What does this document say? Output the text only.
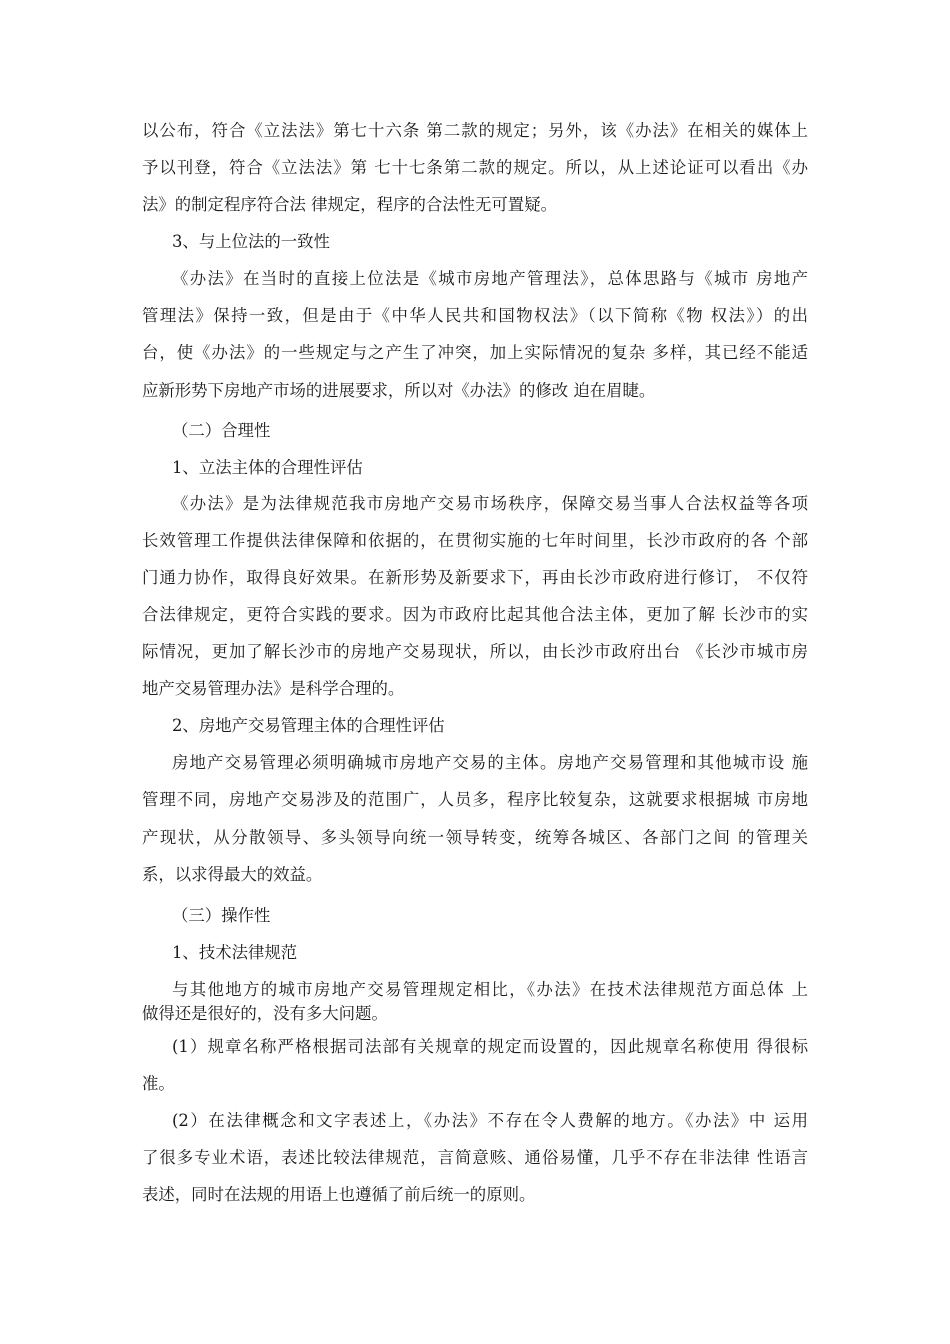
以公布，符合《立法法》第七十六条 第二款的规定；另外，该《办法》在相关的媒体上
予以刊登，符合《立法法》第 七十七条第二款的规定。所以，从上述论证可以看出《办
法》的制定程序符合法 律规定，程序的合法性无可置疑。
3、与上位法的一致性
《办法》在当时的直接上位法是《城市房地产管理法》，总体思路与《城市 房地产
管理法》保持一致，但是由于《中华人民共和国物权法》（以下简称《物 权法》）的出
台，使《办法》的一些规定与之产生了冲突，加上实际情况的复杂 多样，其已经不能适
应新形势下房地产市场的进展要求，所以对《办法》的修改 迫在眉睫。
（二）合理性
1、立法主体的合理性评估
《办法》是为法律规范我市房地产交易市场秩序，保障交易当事人合法权益等各项
长效管理工作提供法律保障和依据的，在贯彻实施的七年时间里，长沙市政府的各 个部
门通力协作，取得良好效果。在新形势及新要求下，再由长沙市政府进行修订， 不仅符
合法律规定，更符合实践的要求。因为市政府比起其他合法主体，更加了解 长沙市的实
际情况，更加了解长沙市的房地产交易现状，所以，由长沙市政府出台 《长沙市城市房
地产交易管理办法》是科学合理的。
2、房地产交易管理主体的合理性评估
房地产交易管理必须明确城市房地产交易的主体。房地产交易管理和其他城市设 施
管理不同，房地产交易涉及的范围广，人员多，程序比较复杂，这就要求根据城 市房地
产现状，从分散领导、多头领导向统一领导转变，统筹各城区、各部门之间 的管理关
系，以求得最大的效益。
（三）操作性
1、技术法律规范
与其他地方的城市房地产交易管理规定相比，《办法》在技术法律规范方面总体 上
做得还是很好的，没有多大问题。
(1）规章名称严格根据司法部有关规章的规定而设置的，因此规章名称使用 得很标
准。
(2）在法律概念和文字表述上，《办法》不存在令人费解的地方。《办法》中 运用
了很多专业术语，表述比较法律规范，言简意赅、通俗易懂，几乎不存在非法律 性语言
表述，同时在法规的用语上也遵循了前后统一的原则。
